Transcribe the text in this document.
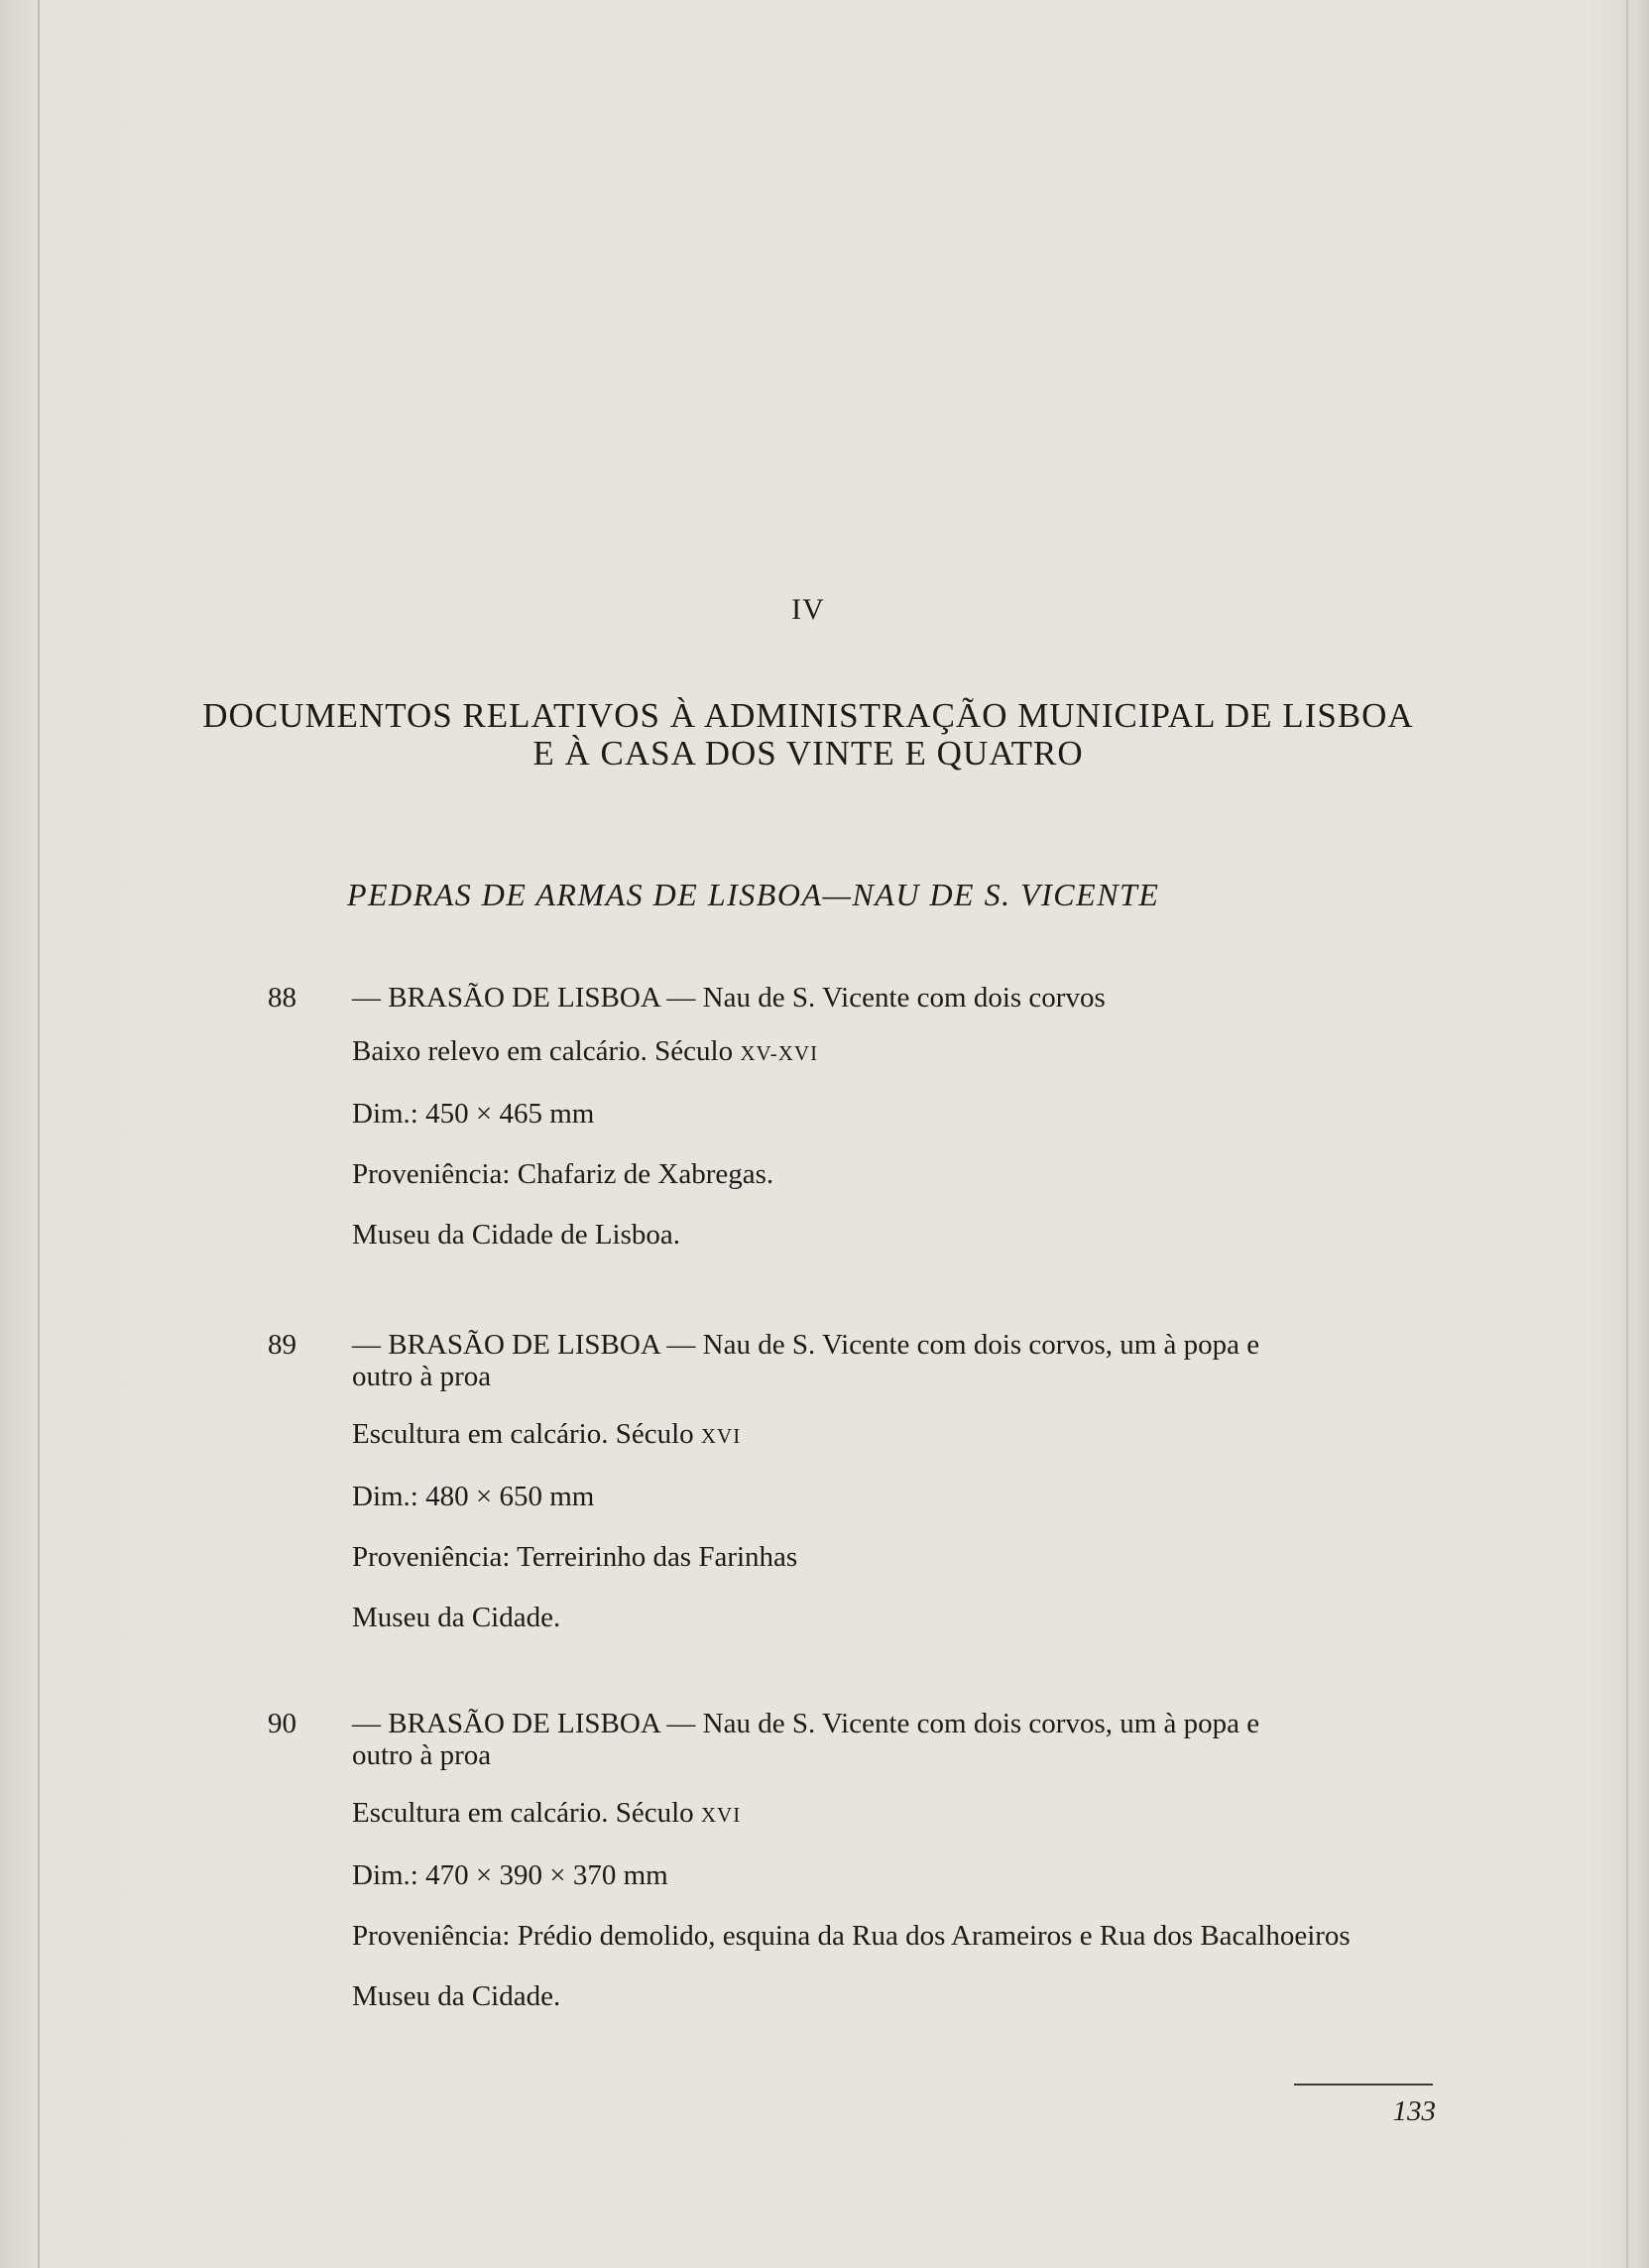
IV
DOCUMENTOS RELATIVOS À ADMINISTRAÇÃO MUNICIPAL DE LISBOA
E À CASA DOS VINTE E QUATRO
PEDRAS DE ARMAS DE LISBOA—NAU DE S. VICENTE
88 — BRASÃO DE LISBOA — Nau de S. Vicente com dois corvos
Baixo relevo em calcário. Século XV-XVI
Dim.: 450 × 465 mm
Proveniência: Chafariz de Xabregas.
Museu da Cidade de Lisboa.
89 — BRASÃO DE LISBOA — Nau de S. Vicente com dois corvos, um à popa e
outro à proa
Escultura em calcário. Século XVI
Dim.: 480 × 650 mm
Proveniência: Terreirinho das Farinhas
Museu da Cidade.
90 — BRASÃO DE LISBOA — Nau de S. Vicente com dois corvos, um à popa e
outro à proa
Escultura em calcário. Século XVI
Dim.: 470 × 390 × 370 mm
Proveniência: Prédio demolido, esquina da Rua dos Arameiros e Rua dos Bacalhoeiros
Museu da Cidade.
133
